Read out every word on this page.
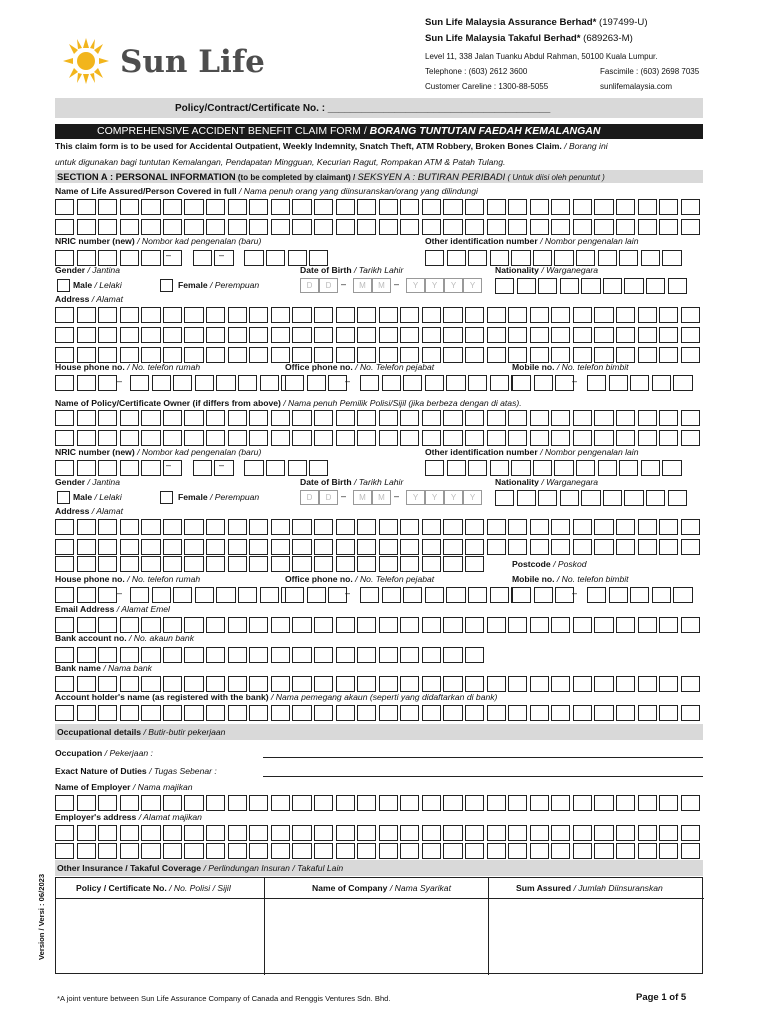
Sun Life
Sun Life Malaysia Assurance Berhad* (197499-U)
Sun Life Malaysia Takaful Berhad* (689263-M)
Level 11, 338 Jalan Tuanku Abdul Rahman, 50100 Kuala Lumpur.
Telephone : (603) 2612 3600	Fascimile : (603) 2698 7035
Customer Careline : 1300-88-5055	sunlifemalaysia.com
Policy/Contract/Certificate No. : ________________________________________
COMPREHENSIVE ACCIDENT BENEFIT CLAIM FORM / BORANG TUNTUTAN FAEDAH KEMALANGAN
This claim form is to be used for Accidental Outpatient, Weekly Indemnity, Snatch Theft, ATM Robbery, Broken Bones Claim. / Borang ini
untuk digunakan bagi tuntutan Kemalangan, Pendapatan Mingguan, Kecurian Ragut, Rompakan ATM & Patah Tulang.
SECTION A : PERSONAL INFORMATION (to be completed by claimant) / SEKSYEN A : BUTIRAN PERIBADI ( Untuk diisi oleh penuntut )
Name of Life Assured/Person Covered in full / Nama penuh orang yang diinsuranskan/orang yang dilindungi
NRIC number (new) / Nombor kad pengenalan (baru)	Other identification number / Nombor pengenalan lain
–	–
Gender / Jantina	Date of Birth / Tarikh Lahir	Nationality / Warganegara
Male / Lelaki	Female / Perempuan	D	D	–	M	M	–	Y	Y	Y	Y
Address / Alamat
House phone no. / No. telefon rumah	Office phone no. / No. Telefon pejabat	Mobile no. / No. telefon bimbit
–	–	–
Name of Policy/Certificate Owner (if differs from above) / Nama penuh Pemilik Polisi/Sijil (jika berbeza dengan di atas).
NRIC number (new) / Nombor kad pengenalan (baru)	Other identification number / Nombor pengenalan lain
–	–
Gender / Jantina	Date of Birth / Tarikh Lahir	Nationality / Warganegara
Male / Lelaki	Female / Perempuan	D	D	–	M	M	–	Y	Y	Y	Y
Address / Alamat
Postcode / Poskod
House phone no. / No. telefon rumah	Office phone no. / No. Telefon pejabat	Mobile no. / No. telefon bimbit
–	–	–
Email Address / Alamat Emel
Bank account no. / No. akaun bank
Bank name / Nama bank
Account holder's name (as registered with the bank) / Nama pemegang akaun (seperti yang didaftarkan di bank)
Occupational details / Butir-butir pekerjaan
Occupation / Pekerjaan :
Exact Nature of Duties / Tugas Sebenar :
Name of Employer / Nama majikan
Employer's address / Alamat majikan
Other Insurance / Takaful Coverage / Perlindungan Insuran / Takaful Lain
Policy / Certificate No. / No. Polisi / Sijil	Name of Company / Nama Syarikat	Sum Assured / Jumlah Diinsuranskan
Version / Versi : 06/2023
*A joint venture between Sun Life Assurance Company of Canada and Renggis Ventures Sdn. Bhd.	Page 1 of 5
